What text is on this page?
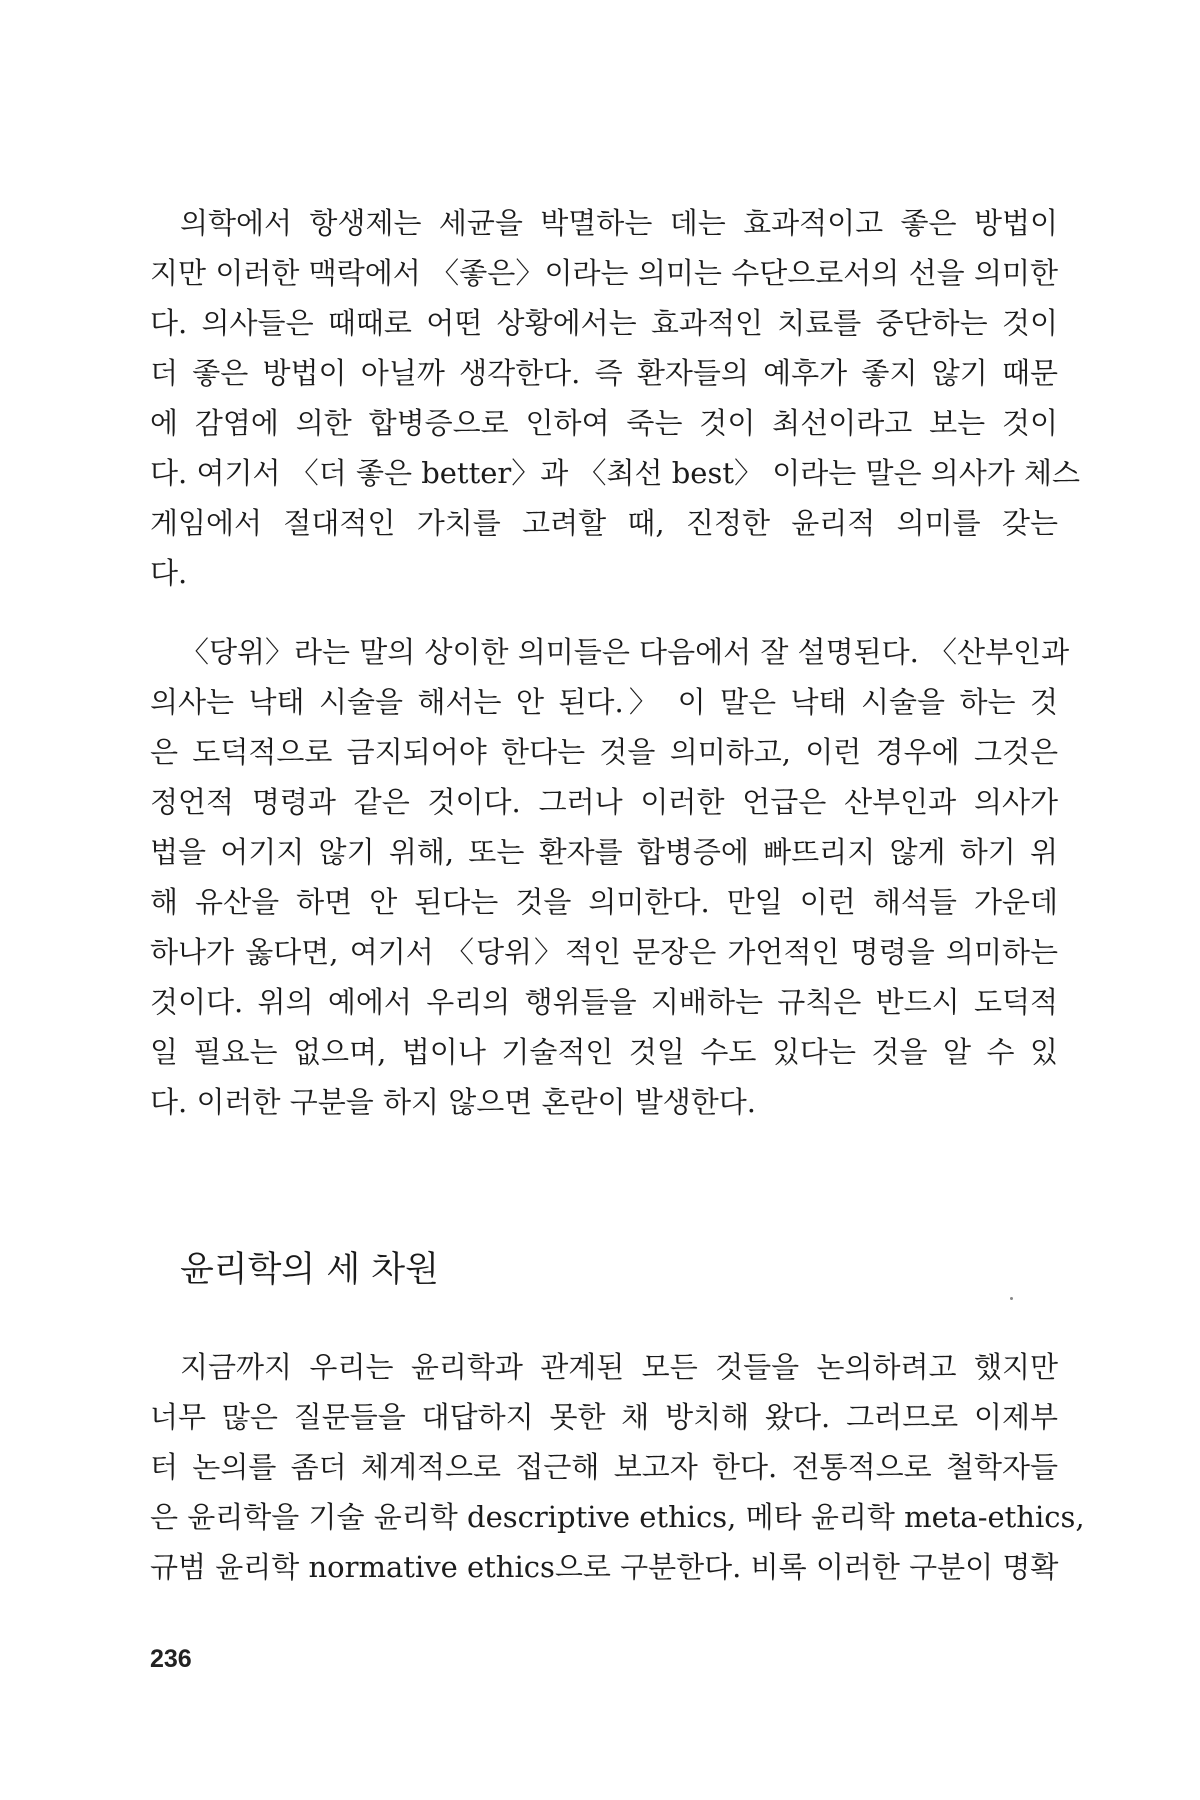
의학에서 항생제는 세균을 박멸하는 데는 효과적이고 좋은 방법이
지만 이러한 맥락에서 〈좋은〉이라는 의미는 수단으로서의 선을 의미한
다. 의사들은 때때로 어떤 상황에서는 효과적인 치료를 중단하는 것이
더 좋은 방법이 아닐까 생각한다. 즉 환자들의 예후가 좋지 않기 때문
에 감염에 의한 합병증으로 인하여 죽는 것이 최선이라고 보는 것이
다. 여기서 〈더 좋은 better〉과 〈최선 best〉 이라는 말은 의사가 체스
게임에서 절대적인 가치를 고려할 때, 진정한 윤리적 의미를 갖는
다.
〈당위〉라는 말의 상이한 의미들은 다음에서 잘 설명된다. 〈산부인과
의사는 낙태 시술을 해서는 안 된다.〉 이 말은 낙태 시술을 하는 것
은 도덕적으로 금지되어야 한다는 것을 의미하고, 이런 경우에 그것은
정언적 명령과 같은 것이다. 그러나 이러한 언급은 산부인과 의사가
법을 어기지 않기 위해, 또는 환자를 합병증에 빠뜨리지 않게 하기 위
해 유산을 하면 안 된다는 것을 의미한다. 만일 이런 해석들 가운데
하나가 옳다면, 여기서 〈당위〉적인 문장은 가언적인 명령을 의미하는
것이다. 위의 예에서 우리의 행위들을 지배하는 규칙은 반드시 도덕적
일 필요는 없으며, 법이나 기술적인 것일 수도 있다는 것을 알 수 있
다. 이러한 구분을 하지 않으면 혼란이 발생한다.
윤리학의 세 차원
지금까지 우리는 윤리학과 관계된 모든 것들을 논의하려고 했지만
너무 많은 질문들을 대답하지 못한 채 방치해 왔다. 그러므로 이제부
터 논의를 좀더 체계적으로 접근해 보고자 한다. 전통적으로 철학자들
은 윤리학을 기술 윤리학 descriptive ethics, 메타 윤리학 meta-ethics,
규범 윤리학 normative ethics으로 구분한다. 비록 이러한 구분이 명확
236
